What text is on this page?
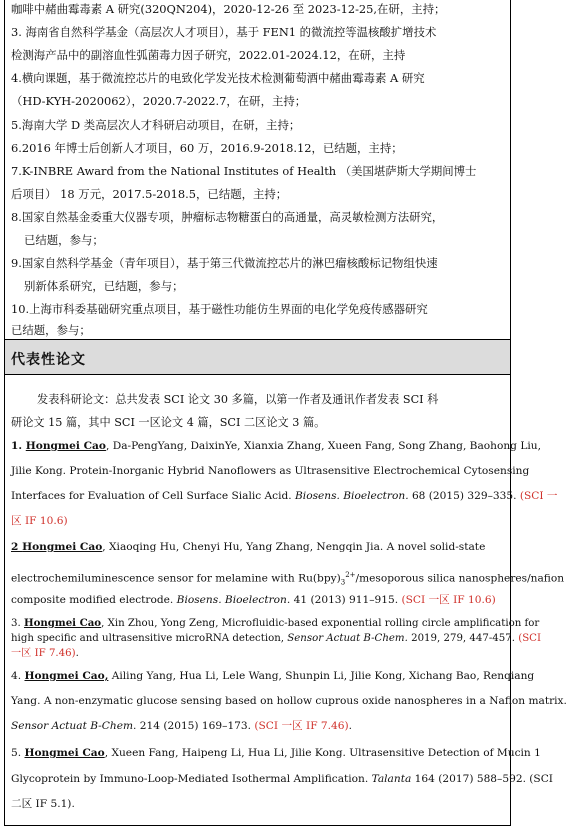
咖啡中赭曲霉毒素 A 研究(320QN204)，2020-12-26 至 2023-12-25,在研，主持；
3. 海南省自然科学基金（高层次人才项目），基于 FEN1 的微流控等温核酸扩增技术
检测海产品中的副溶血性弧菌毒力因子研究，2022.01-2024.12，在研，主持
4.横向课题，基于微流控芯片的电致化学发光技术检测葡萄酒中赭曲霉毒素 A 研究
（HD-KYH-2020062），2020.7-2022.7，在研，主持；
5.海南大学 D 类高层次人才科研启动项目，在研，主持；
6.2016 年博士后创新人才项目，60 万，2016.9-2018.12，已结题，主持；
7.K-INBRE Award from the National Institutes of Health （美国堪萨斯大学期间博士
后项目） 18 万元，2017.5-2018.5，已结题，主持；
8.国家自然基金委重大仪器专项，肿瘤标志物糖蛋白的高通量，高灵敏检测方法研究，
已结题，参与；
9.国家自然科学基金（青年项目），基于第三代微流控芯片的淋巴瘤核酸标记物组快速
别新体系研究，已结题，参与；
10.上海市科委基础研究重点项目，基于磁性功能仿生界面的电化学免疫传感器研究
已结题，参与；
代表性论文
发表科研论文：总共发表 SCI 论文 30 多篇，以第一作者及通讯作者发表 SCI 科
研论文 15 篇，其中 SCI 一区论文 4 篇，SCI 二区论文 3 篇。
1. Hongmei Cao, Da-PengYang, DaixinYe, Xianxia Zhang, Xueen Fang, Song Zhang, Baohong Liu,
Jilie Kong. Protein-Inorganic Hybrid Nanoflowers as Ultrasensitive Electrochemical Cytosensing
Interfaces for Evaluation of Cell Surface Sialic Acid. Biosens. Bioelectron. 68 (2015) 329–335. (SCI 一
区 IF 10.6)
2 Hongmei Cao, Xiaoqing Hu, Chenyi Hu, Yang Zhang, Nengqin Jia. A novel solid-state
electrochemiluminescence sensor for melamine with $Ru(bpy)_3^{2+}$/mesoporous silica nanospheres/nafion
composite modified electrode. Biosens. Bioelectron. 41 (2013) 911–915. (SCI 一区 IF 10.6)
3. Hongmei Cao, Xin Zhou, Yong Zeng, Microfluidic-based exponential rolling circle amplification for
high specific and ultrasensitive microRNA detection, Sensor Actuat B-Chem. 2019, 279, 447-457. (SCI
一区 IF 7.46).
4. Hongmei Cao, Ailing Yang, Hua Li, Lele Wang, Shunpin Li, Jilie Kong, Xichang Bao, Renqiang
Yang. A non-enzymatic glucose sensing based on hollow cuprous oxide nanospheres in a Nafion matrix.
Sensor Actuat B-Chem. 214 (2015) 169–173. (SCI 一区 IF 7.46).
5. Hongmei Cao, Xueen Fang, Haipeng Li, Hua Li, Jilie Kong. Ultrasensitive Detection of Mucin 1
Glycoprotein by Immuno-Loop-Mediated Isothermal Amplification. Talanta 164 (2017) 588–592. (SCI
二区 IF 5.1).
